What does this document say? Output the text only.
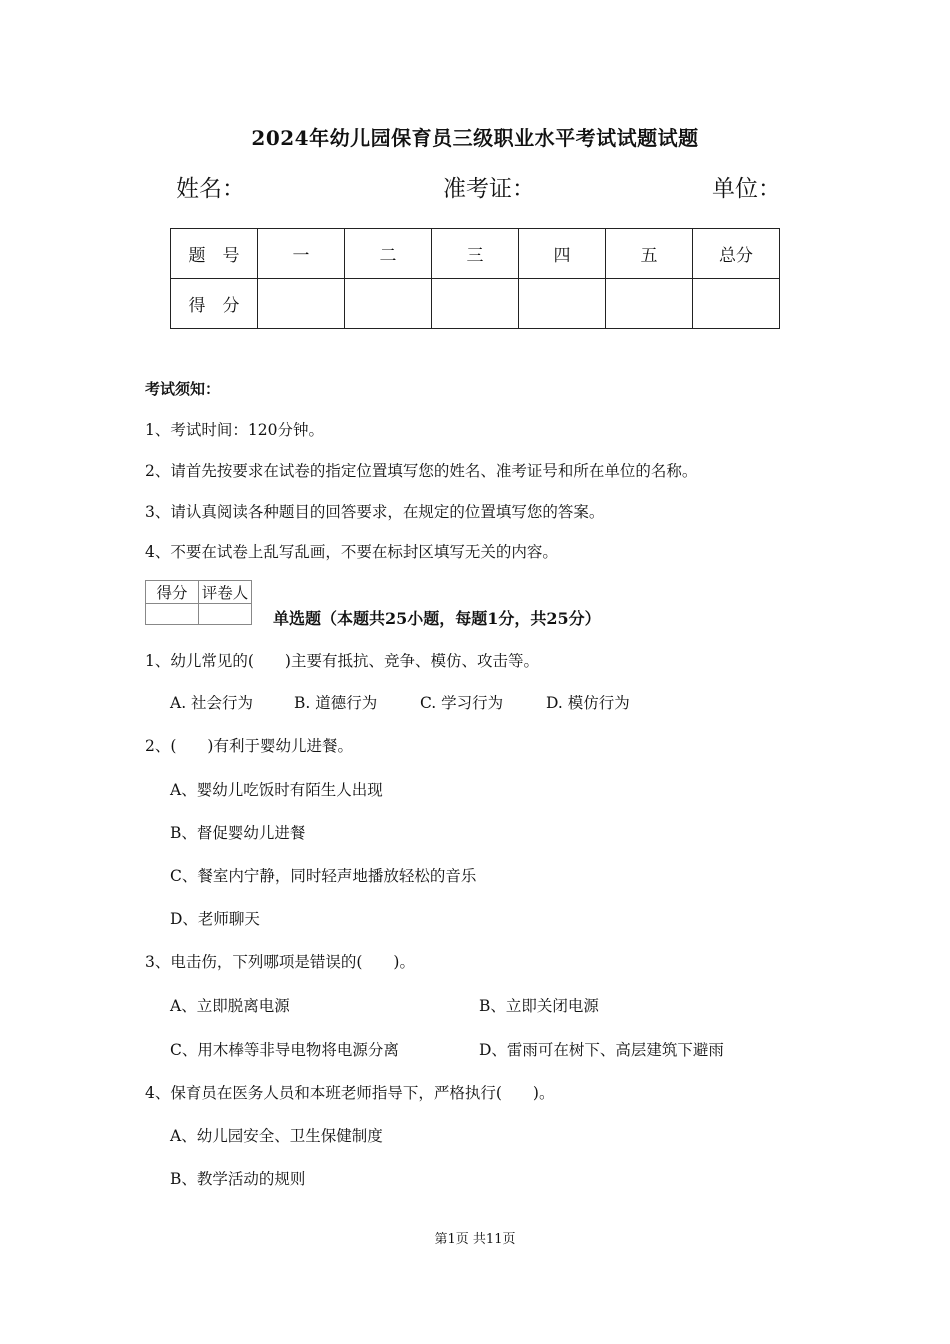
2024年幼儿园保育员三级职业水平考试试题试题
姓名：	准考证：	单位：
题　号	一	二	三	四	五	总分
得　分						
考试须知：
1、考试时间：120分钟。
2、请首先按要求在试卷的指定位置填写您的姓名、准考证号和所在单位的名称。
3、请认真阅读各种题目的回答要求，在规定的位置填写您的答案。
4、不要在试卷上乱写乱画，不要在标封区填写无关的内容。
得分	评卷人

单选题（本题共25小题，每题1分，共25分）
1、幼儿常见的(　　)主要有抵抗、竞争、模仿、攻击等。
A. 社会行为	B. 道德行为	C. 学习行为	D. 模仿行为
2、(　　)有利于婴幼儿进餐。
A、婴幼儿吃饭时有陌生人出现
B、督促婴幼儿进餐
C、餐室内宁静，同时轻声地播放轻松的音乐
D、老师聊天
3、电击伤，下列哪项是错误的(　　)。
A、立即脱离电源	B、立即关闭电源
C、用木棒等非导电物将电源分离	D、雷雨可在树下、高层建筑下避雨
4、保育员在医务人员和本班老师指导下，严格执行(　　)。
A、幼儿园安全、卫生保健制度
B、教学活动的规则
第1页 共11页
